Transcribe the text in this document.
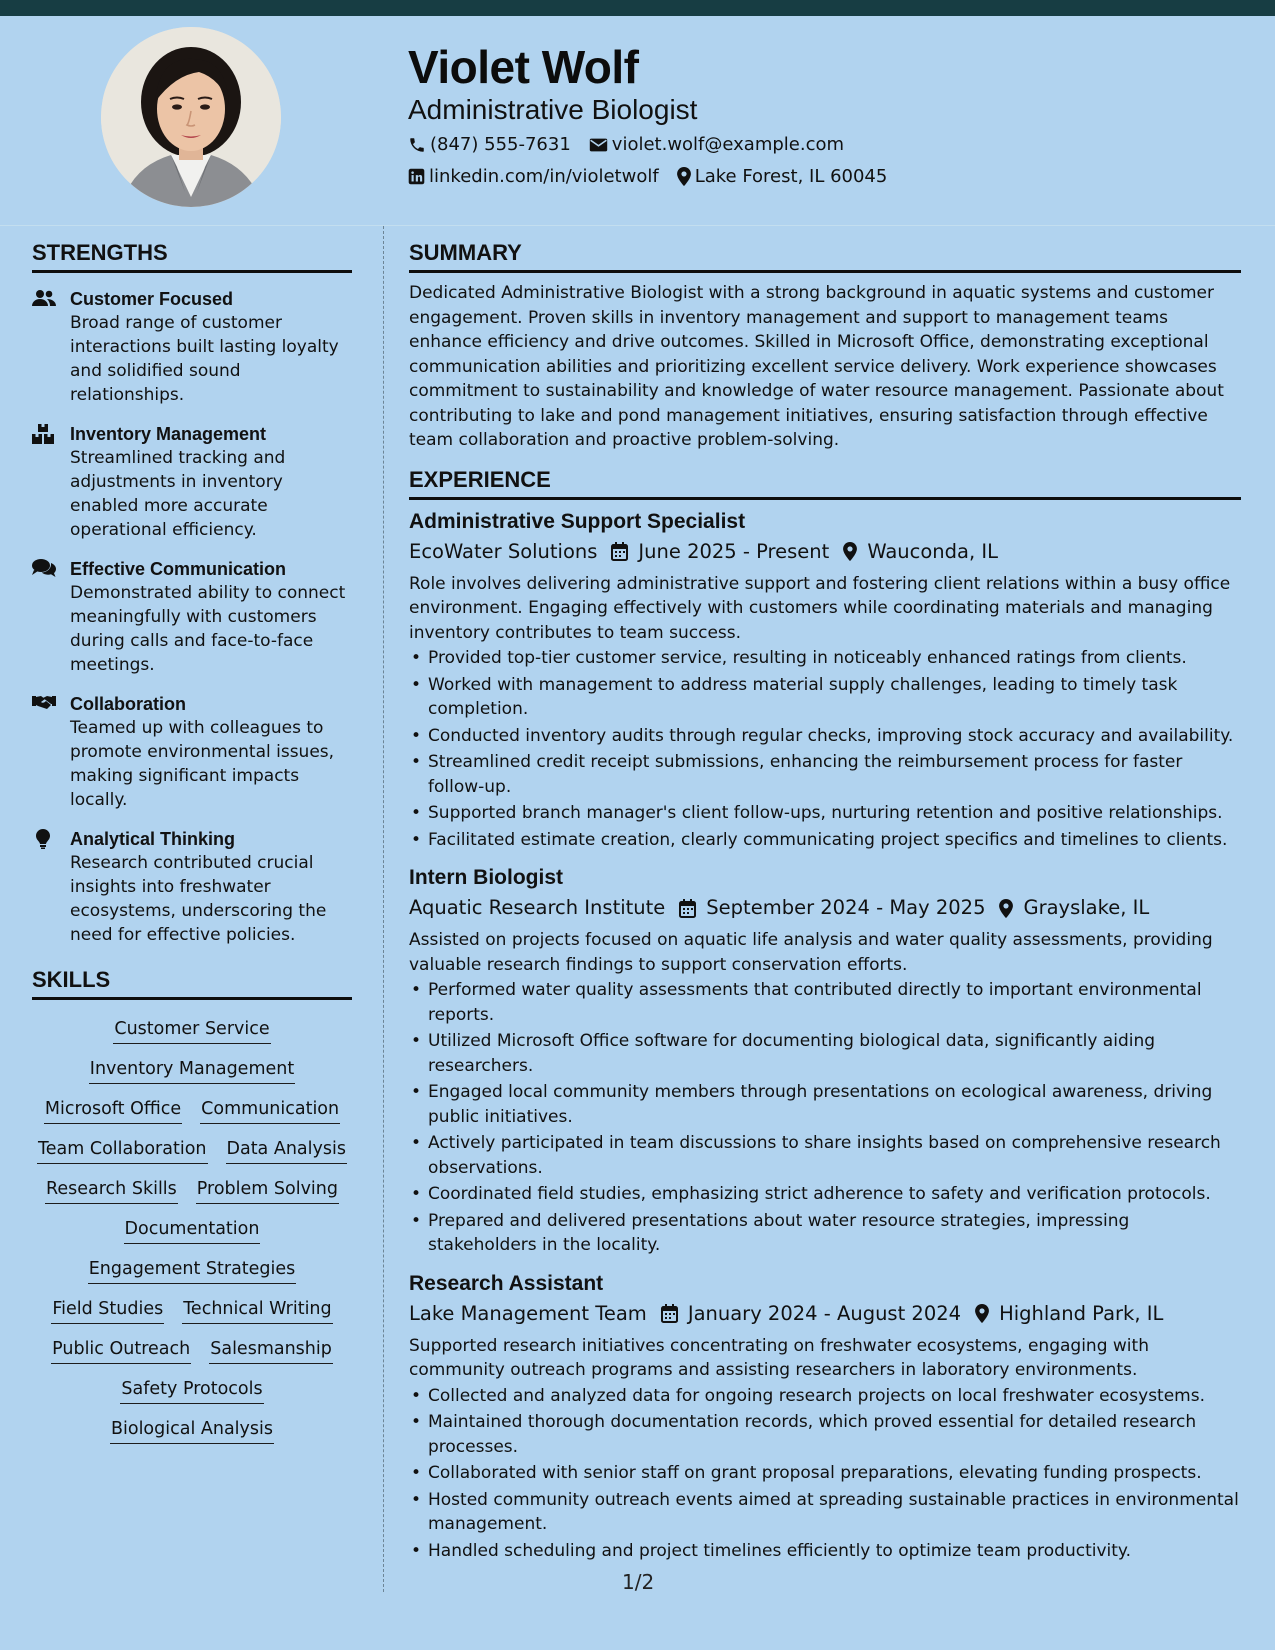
Violet Wolf
Administrative Biologist
(847) 555-7631 violet.wolf@example.com
linkedin.com/in/violetwolf Lake Forest, IL 60045
STRENGTHS
Customer Focused
Broad range of customer interactions built lasting loyalty and solidified sound relationships.
Inventory Management
Streamlined tracking and adjustments in inventory enabled more accurate operational efficiency.
Effective Communication
Demonstrated ability to connect meaningfully with customers during calls and face-to-face meetings.
Collaboration
Teamed up with colleagues to promote environmental issues, making significant impacts locally.
Analytical Thinking
Research contributed crucial insights into freshwater ecosystems, underscoring the need for effective policies.
SKILLS
Customer Service
Inventory Management
Microsoft Office Communication
Team Collaboration Data Analysis
Research Skills Problem Solving
Documentation
Engagement Strategies
Field Studies Technical Writing
Public Outreach Salesmanship
Safety Protocols
Biological Analysis
SUMMARY
Dedicated Administrative Biologist with a strong background in aquatic systems and customer engagement. Proven skills in inventory management and support to management teams enhance efficiency and drive outcomes. Skilled in Microsoft Office, demonstrating exceptional communication abilities and prioritizing excellent service delivery. Work experience showcases commitment to sustainability and knowledge of water resource management. Passionate about contributing to lake and pond management initiatives, ensuring satisfaction through effective team collaboration and proactive problem-solving.
EXPERIENCE
Administrative Support Specialist
EcoWater Solutions June 2025 - Present Wauconda, IL
Role involves delivering administrative support and fostering client relations within a busy office environment. Engaging effectively with customers while coordinating materials and managing inventory contributes to team success.
• Provided top-tier customer service, resulting in noticeably enhanced ratings from clients.
• Worked with management to address material supply challenges, leading to timely task completion.
• Conducted inventory audits through regular checks, improving stock accuracy and availability.
• Streamlined credit receipt submissions, enhancing the reimbursement process for faster follow-up.
• Supported branch manager's client follow-ups, nurturing retention and positive relationships.
• Facilitated estimate creation, clearly communicating project specifics and timelines to clients.
Intern Biologist
Aquatic Research Institute September 2024 - May 2025 Grayslake, IL
Assisted on projects focused on aquatic life analysis and water quality assessments, providing valuable research findings to support conservation efforts.
• Performed water quality assessments that contributed directly to important environmental reports.
• Utilized Microsoft Office software for documenting biological data, significantly aiding researchers.
• Engaged local community members through presentations on ecological awareness, driving public initiatives.
• Actively participated in team discussions to share insights based on comprehensive research observations.
• Coordinated field studies, emphasizing strict adherence to safety and verification protocols.
• Prepared and delivered presentations about water resource strategies, impressing stakeholders in the locality.
Research Assistant
Lake Management Team January 2024 - August 2024 Highland Park, IL
Supported research initiatives concentrating on freshwater ecosystems, engaging with community outreach programs and assisting researchers in laboratory environments.
• Collected and analyzed data for ongoing research projects on local freshwater ecosystems.
• Maintained thorough documentation records, which proved essential for detailed research processes.
• Collaborated with senior staff on grant proposal preparations, elevating funding prospects.
• Hosted community outreach events aimed at spreading sustainable practices in environmental management.
• Handled scheduling and project timelines efficiently to optimize team productivity.
1/2
